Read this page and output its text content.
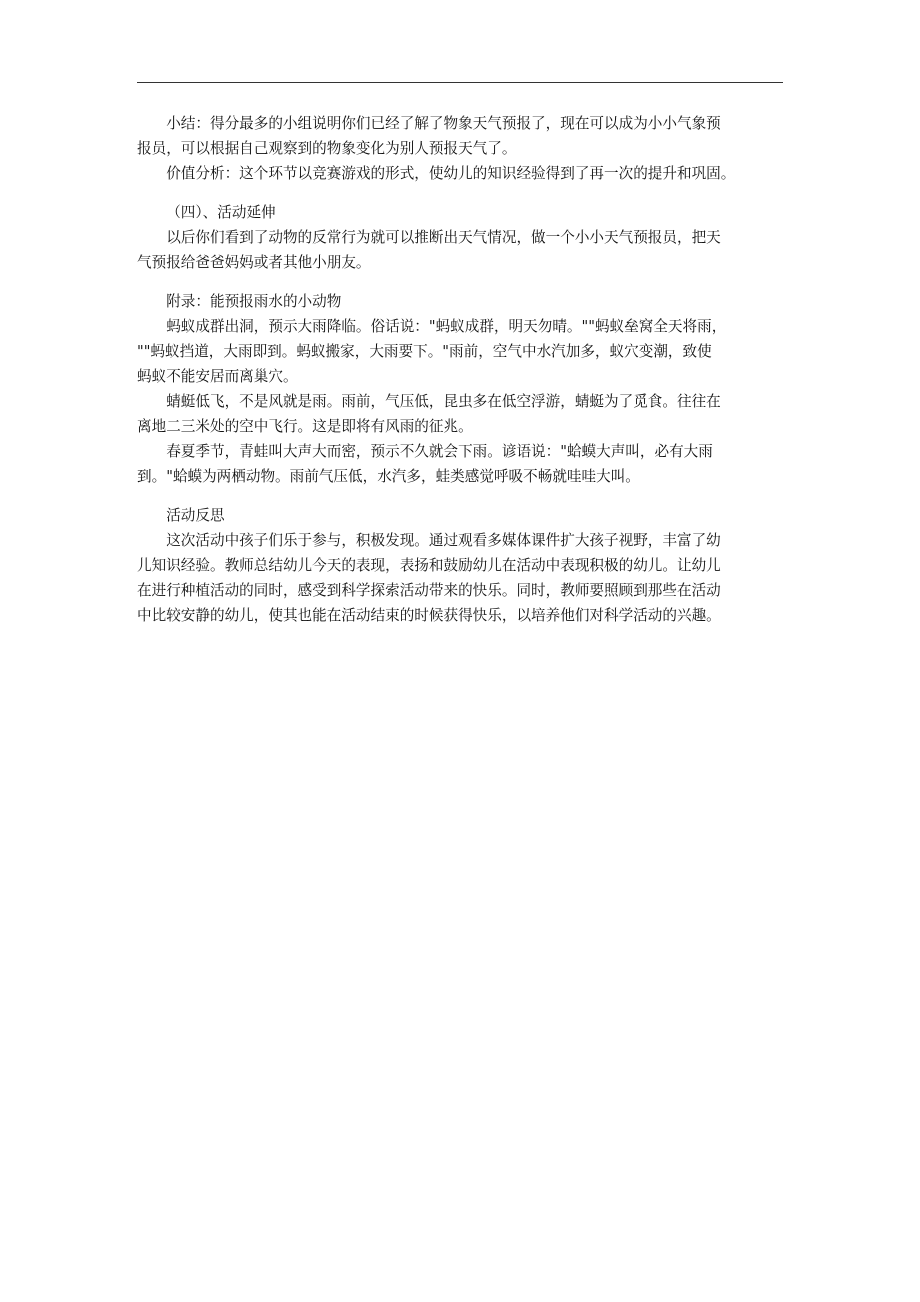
小结：得分最多的小组说明你们已经了解了物象天气预报了，现在可以成为小小气象预
报员，可以根据自己观察到的物象变化为别人预报天气了。
价值分析：这个环节以竞赛游戏的形式，使幼儿的知识经验得到了再一次的提升和巩固。
（四）、活动延伸
以后你们看到了动物的反常行为就可以推断出天气情况，做一个小小天气预报员，把天
气预报给爸爸妈妈或者其他小朋友。
附录：能预报雨水的小动物
蚂蚁成群出洞，预示大雨降临。俗话说："蚂蚁成群，明天勿晴。""蚂蚁垒窝全天将雨，
""蚂蚁挡道，大雨即到。蚂蚁搬家，大雨要下。"雨前，空气中水汽加多，蚁穴变潮，致使
蚂蚁不能安居而离巢穴。
蜻蜓低飞，不是风就是雨。雨前，气压低，昆虫多在低空浮游，蜻蜓为了觅食。往往在
离地二三米处的空中飞行。这是即将有风雨的征兆。
春夏季节，青蛙叫大声大而密，预示不久就会下雨。谚语说："蛤蟆大声叫，必有大雨
到。"蛤蟆为两栖动物。雨前气压低，水汽多，蛙类感觉呼吸不畅就哇哇大叫。
活动反思
这次活动中孩子们乐于参与，积极发现。通过观看多媒体课件扩大孩子视野，丰富了幼
儿知识经验。教师总结幼儿今天的表现，表扬和鼓励幼儿在活动中表现积极的幼儿。让幼儿
在进行种植活动的同时，感受到科学探索活动带来的快乐。同时，教师要照顾到那些在活动
中比较安静的幼儿，使其也能在活动结束的时候获得快乐，以培养他们对科学活动的兴趣。
